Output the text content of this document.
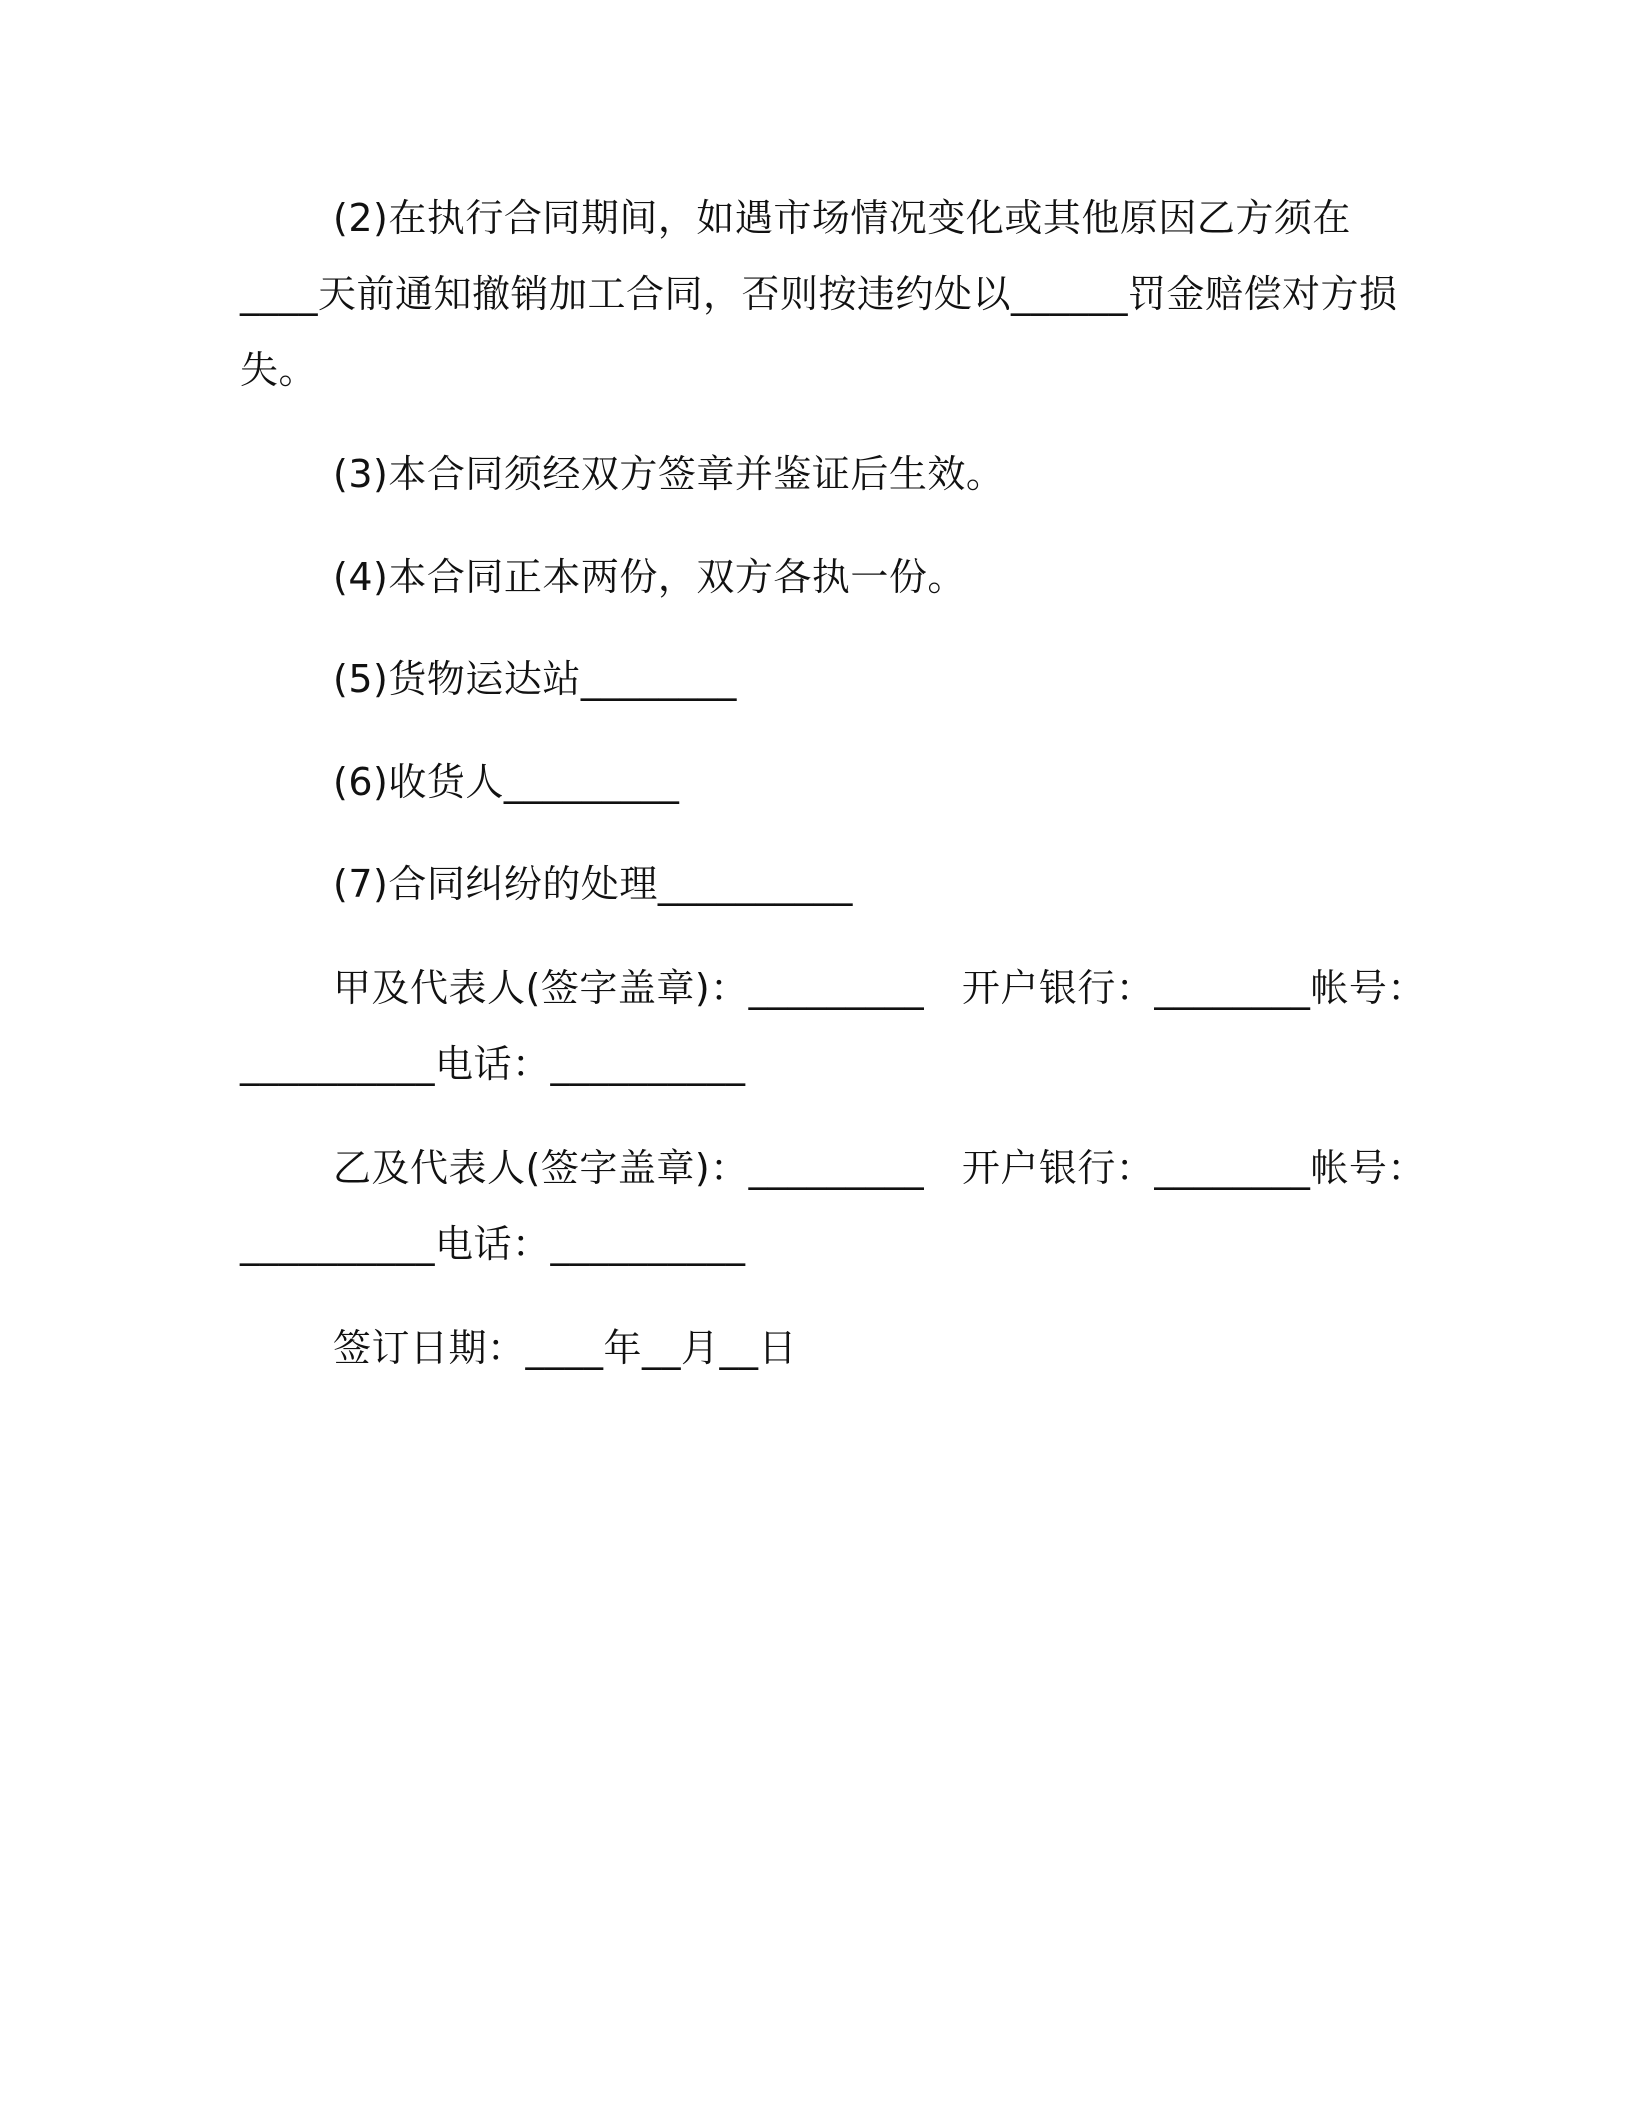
(2)在执行合同期间，如遇市场情况变化或其他原因乙方须在
____天前通知撤销加工合同，否则按违约处以______罚金赔偿对方损
失。
(3)本合同须经双方签章并鉴证后生效。
(4)本合同正本两份，双方各执一份。
(5)货物运达站________
(6)收货人_________
(7)合同纠纷的处理__________
甲及代表人(签字盖章)：_________   开户银行：________帐号：
__________电话：__________
乙及代表人(签字盖章)：_________   开户银行：________帐号：
__________电话：__________
签订日期：____年__月__日
